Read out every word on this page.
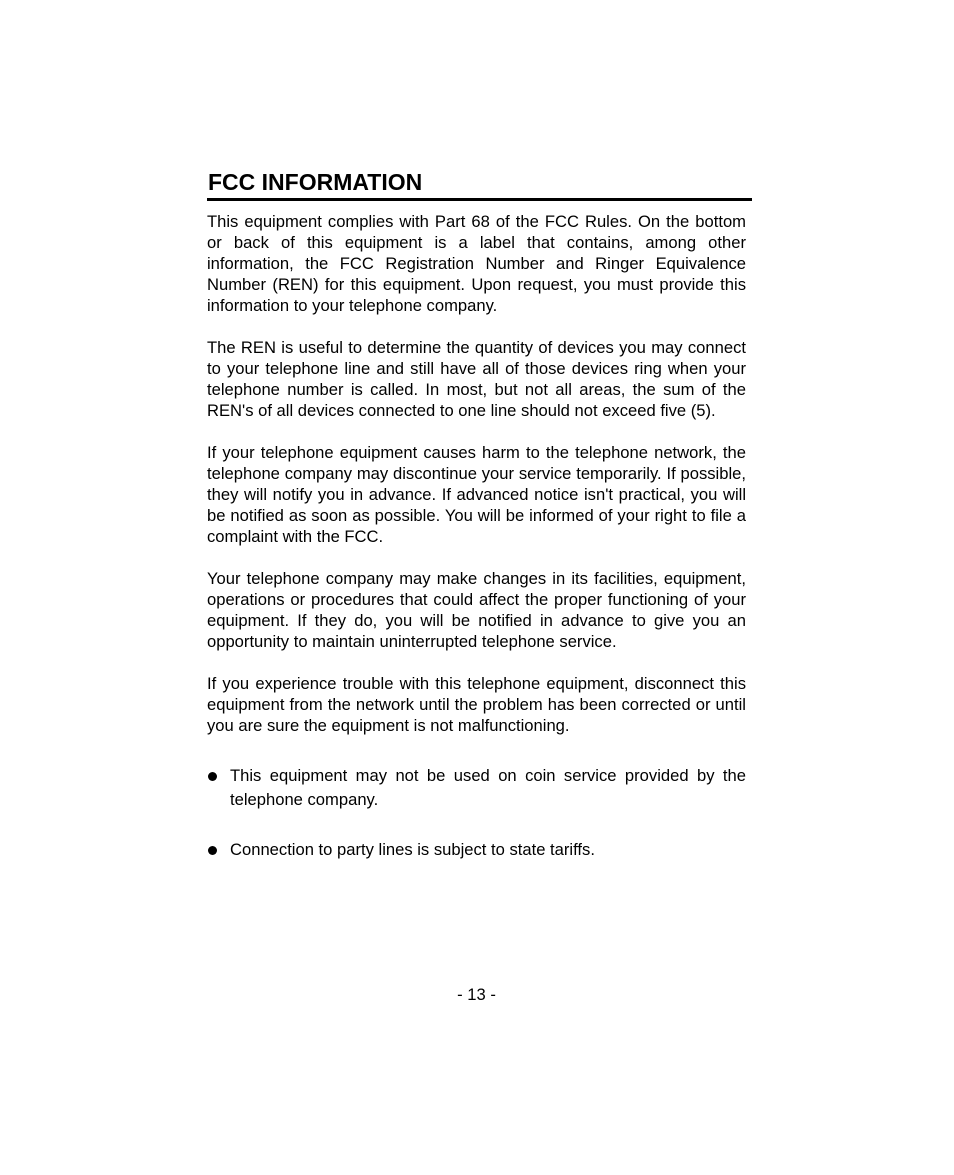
FCC INFORMATION

This equipment complies with Part 68 of the FCC Rules. On the bottom or back of this equipment is a label that contains, among other information, the FCC Registration Number and Ringer Equivalence Number (REN) for this equipment. Upon request, you must provide this information to your telephone company.

The REN is useful to determine the quantity of devices you may connect to your telephone line and still have all of those devices ring when your telephone number is called. In most, but not all areas, the sum of the REN's of all devices connected to one line should not exceed five (5).

If your telephone equipment causes harm to the telephone network, the telephone company may discontinue your service temporarily. If possible, they will notify you in advance. If advanced notice isn't practical, you will be notified as soon as possible. You will be informed of your right to file a complaint with the FCC.

Your telephone company may make changes in its facilities, equipment, operations or procedures that could affect the proper functioning of your equipment. If they do, you will be notified in advance to give you an opportunity to maintain uninterrupted telephone service.

If you experience trouble with this telephone equipment, disconnect this equipment from the network until the problem has been corrected or until you are sure the equipment is not malfunctioning.

This equipment may not be used on coin service provided by the telephone company.
Connection to party lines is subject to state tariffs.
- 13 -
